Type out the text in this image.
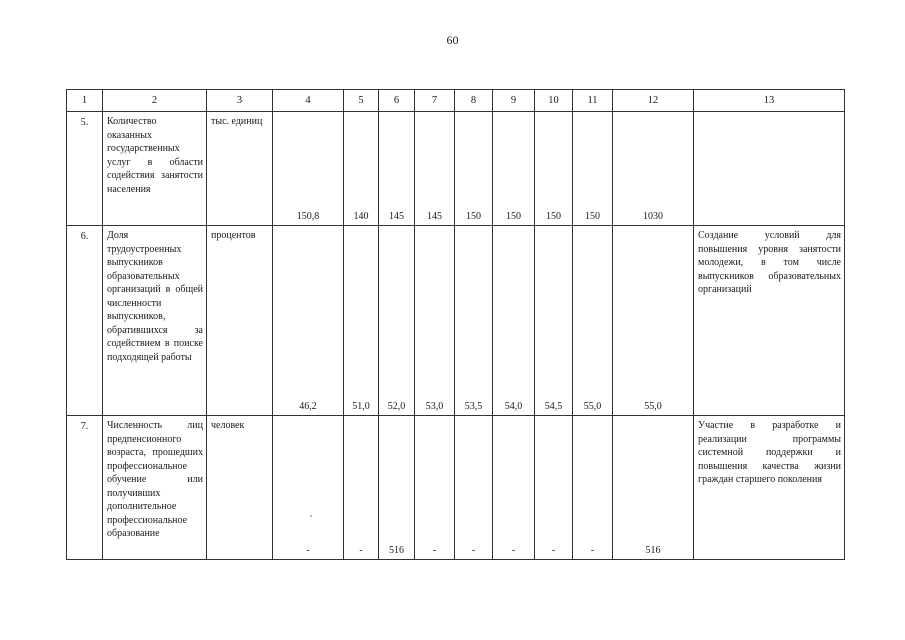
60
1	2	3	4	5	6	7	8	9	10	11	12	13

5.	Количество оказанных государственных услуг в области содействия занятости населения	тыс. единиц	150,8	140	145	145	150	150	150	150	1030	

6.	Доля трудоустроенных выпускников образовательных организаций в общей численности выпускников, обратившихся за содействием в поиске подходящей работы	процентов	46,2	51,0	52,0	53,0	53,5	54,0	54,5	55,0	55,0	Создание условий для повышения уровня занятости молодежи, в том числе выпускников образовательных организаций

7.	Численность лиц предпенсионного возраста, прошедших профессиональное обучение или получивших дополнительное профессиональное образование	человек	-	-	516	-	-	-	-	-	516	Участие в разработке и реализации программы системной поддержки и повышения качества жизни граждан старшего поколения
